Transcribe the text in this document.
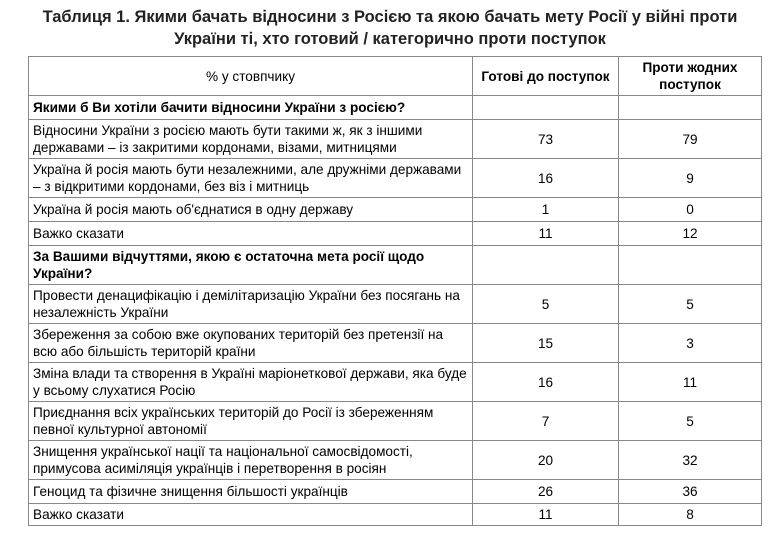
Таблиця 1. Якими бачать відносини з Росією та якою бачать мету Росії у війні проти
України ті, хто готовий / категорично проти поступок
% у стовпчику	Готові до поступок	Проти жодних поступок
Якими б Ви хотіли бачити відносини України з росією?		
Відносини України з росією мають бути такими ж, як з іншими державами – із закритими кордонами, візами, митницями	73	79
Україна й росія мають бути незалежними, але дружніми державами – з відкритими кордонами, без віз і митниць	16	9
Україна й росія мають об'єднатися в одну державу	1	0
Важко сказати	11	12
За Вашими відчуттями, якою є остаточна мета росії щодо України?		
Провести денацифікацію і демілітаризацію України без посягань на незалежність України	5	5
Збереження за собою вже окупованих територій без претензії на всю або більшість територій країни	15	3
Зміна влади та створення в Україні маріонеткової держави, яка буде у всьому слухатися Росію	16	11
Приєднання всіх українських територій до Росії із збереженням певної культурної автономії	7	5
Знищення української нації та національної самосвідомості, примусова асиміляція українців і перетворення в росіян	20	32
Геноцид та фізичне знищення більшості українців	26	36
Важко сказати	11	8
